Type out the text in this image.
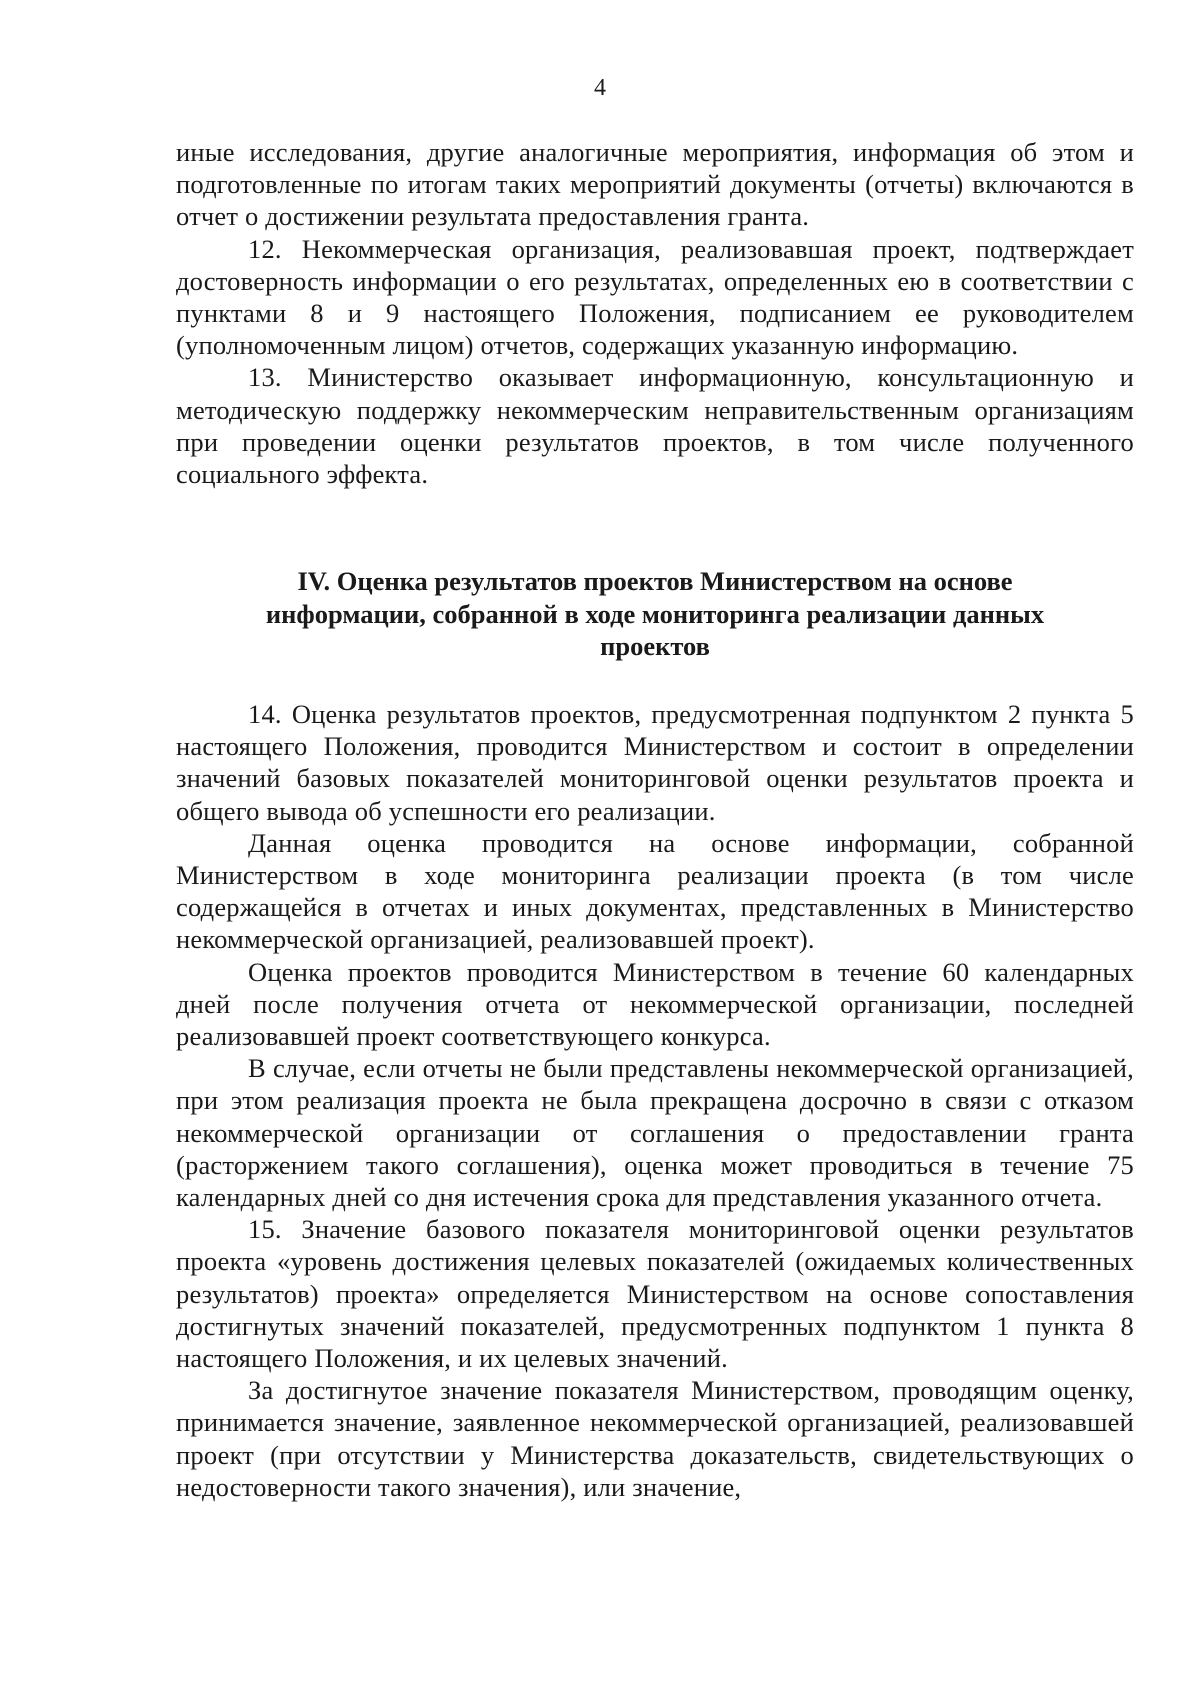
4

иные исследования, другие аналогичные мероприятия, информация об этом и подготовленные по итогам таких мероприятий документы (отчеты) включаются в отчет о достижении результата предоставления гранта.

12. Некоммерческая организация, реализовавшая проект, подтверждает достоверность информации о его результатах, определенных ею в соответствии с пунктами 8 и 9 настоящего Положения, подписанием ее руководителем (уполномоченным лицом) отчетов, содержащих указанную информацию.

13. Министерство оказывает информационную, консультационную и методическую поддержку некоммерческим неправительственным организациям при проведении оценки результатов проектов, в том числе полученного социального эффекта.

IV. Оценка результатов проектов Министерством на основе
информации, собранной в ходе мониторинга реализации данных
проектов

14. Оценка результатов проектов, предусмотренная подпунктом 2 пункта 5 настоящего Положения, проводится Министерством и состоит в определении значений базовых показателей мониторинговой оценки результатов проекта и общего вывода об успешности его реализации.

Данная оценка проводится на основе информации, собранной Министерством в ходе мониторинга реализации проекта (в том числе содержащейся в отчетах и иных документах, представленных в Министерство некоммерческой организацией, реализовавшей проект).

Оценка проектов проводится Министерством в течение 60 календарных дней после получения отчета от некоммерческой организации, последней реализовавшей проект соответствующего конкурса.

В случае, если отчеты не были представлены некоммерческой организацией, при этом реализация проекта не была прекращена досрочно в связи с отказом некоммерческой организации от соглашения о предоставлении гранта (расторжением такого соглашения), оценка может проводиться в течение 75 календарных дней со дня истечения срока для представления указанного отчета.

15. Значение базового показателя мониторинговой оценки результатов проекта «уровень достижения целевых показателей (ожидаемых количественных результатов) проекта» определяется Министерством на основе сопоставления достигнутых значений показателей, предусмотренных подпунктом 1 пункта 8 настоящего Положения, и их целевых значений.

За достигнутое значение показателя Министерством, проводящим оценку, принимается значение, заявленное некоммерческой организацией, реализовавшей проект (при отсутствии у Министерства доказательств, свидетельствующих о недостоверности такого значения), или значение,
